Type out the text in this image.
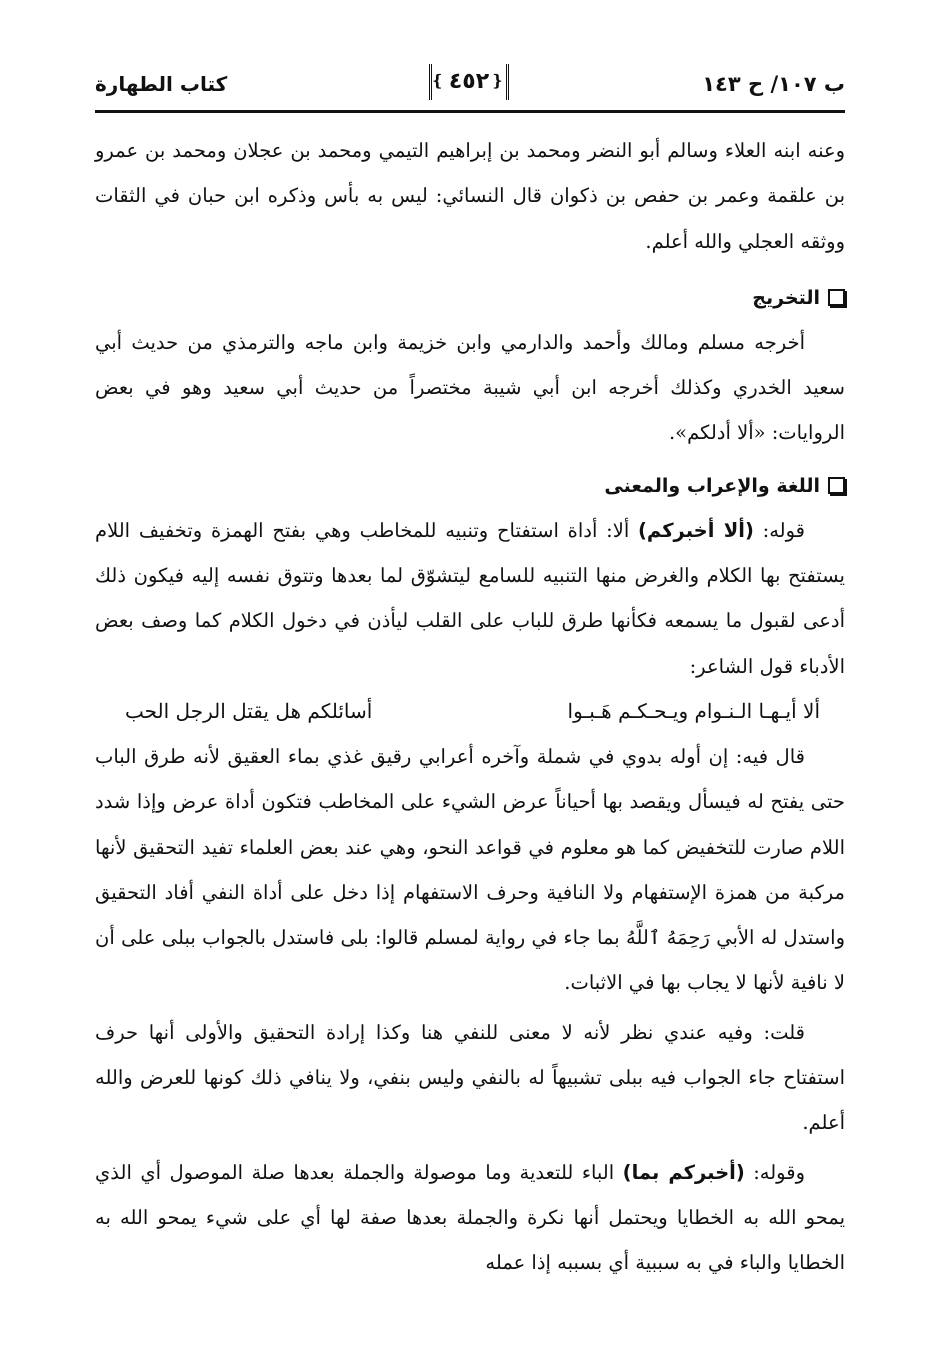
ب ١٠٧/ ح ١٤٣
❴
٤٥٢
❵
كتاب الطهارة

وعنه ابنه العلاء وسالم أبو النضر ومحمد بن إبراهيم التيمي ومحمد بن عجلان ومحمد بن عمرو بن علقمة وعمر بن حفص بن ذكوان قال النسائي: ليس به بأس وذكره ابن حبان في الثقات ووثقه العجلي والله أعلم.

التخريج

أخرجه مسلم ومالك وأحمد والدارمي وابن خزيمة وابن ماجه والترمذي من حديث أبي سعيد الخدري وكذلك أخرجه ابن أبي شيبة مختصراً من حديث أبي سعيد وهو في بعض الروايات: «ألا أدلكم».

اللغة والإعراب والمعنى

قوله: (ألا أخبركم) ألا: أداة استفتاح وتنبيه للمخاطب وهي بفتح الهمزة وتخفيف اللام يستفتح بها الكلام والغرض منها التنبيه للسامع ليتشوّق لما بعدها وتتوق نفسه إليه فيكون ذلك أدعى لقبول ما يسمعه فكأنها طرق للباب على القلب ليأذن في دخول الكلام كما وصف بعض الأدباء قول الشاعر:

ألا أيـهـا الـنـوام ويـحـكـم هَـبـوا
أسائلكم هل يقتل الرجل الحب

قال فيه: إن أوله بدوي في شملة وآخره أعرابي رقيق غذي بماء العقيق لأنه طرق الباب حتى يفتح له فيسأل ويقصد بها أحياناً عرض الشيء على المخاطب فتكون أداة عرض وإذا شدد اللام صارت للتخفيض كما هو معلوم في قواعد النحو، وهي عند بعض العلماء تفيد التحقيق لأنها مركبة من همزة الإستفهام ولا النافية وحرف الاستفهام إذا دخل على أداة النفي أفاد التحقيق واستدل له الأبي رَحِمَهُ ٱللَّهُ بما جاء في رواية لمسلم قالوا: بلى فاستدل بالجواب ببلى على أن لا نافية لأنها لا يجاب بها في الاثبات.

قلت: وفيه عندي نظر لأنه لا معنى للنفي هنا وكذا إرادة التحقيق والأولى أنها حرف استفتاح جاء الجواب فيه ببلى تشبيهاً له بالنفي وليس بنفي، ولا ينافي ذلك كونها للعرض والله أعلم.

وقوله: (أخبركم بما) الباء للتعدية وما موصولة والجملة بعدها صلة الموصول أي الذي يمحو الله به الخطايا ويحتمل أنها نكرة والجملة بعدها صفة لها أي على شيء يمحو الله به الخطايا والباء في به سببية أي بسببه إذا عمله
